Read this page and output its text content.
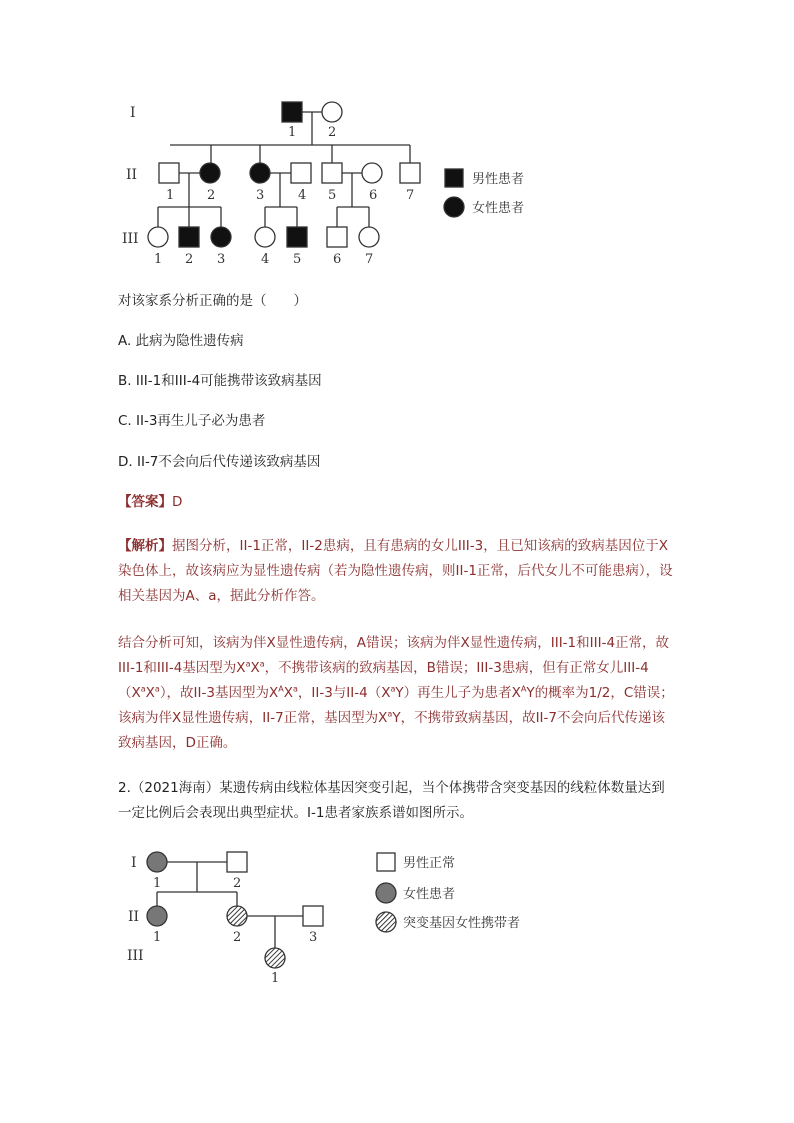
I
II
III
1 2
1	2	3	4 5	6 7
1 2 3	4 5 6 7
男性患者
女性患者
对该家系分析正确的是（　　）
A. 此病为隐性遗传病
B. III-1和III-4可能携带该致病基因
C. II-3再生儿子必为患者
D. II-7不会向后代传递该致病基因
【答案】D
【解析】据图分析，II-1正常，II-2患病，且有患病的女儿III-3，且已知该病的致病基因位于X染色体上，故该病应为显性遗传病（若为隐性遗传病，则II-1正常，后代女儿不可能患病），设相关基因为A、a，据此分析作答。
结合分析可知，该病为伴X显性遗传病，A错误；该病为伴X显性遗传病，III-1和III-4正常，故III-1和III-4基因型为$X^aX^a$，不携带该病的致病基因，B错误；III-3患病，但有正常女儿III-$4(X^aX^a)$，故II-3基因型为$X^AX^a$，II-3与$II-4(X^aY)$再生儿子为患者$X^AY$的概率为1/2，C错误；该病为伴X显性遗传病，II-7正常，基因型为$X^aY$，不携带致病基因，故II-7不会向后代传递该致病基因，D正确。
2.（2021海南）某遗传病由线粒体基因突变引起，当个体携带含突变基因的线粒体数量达到一定比例后会表现出典型症状。Ⅰ-1患者家族系谱如图所示。
I
II
III
1	2
1	2	3
1
男性正常
女性患者
突变基因女性携带者
